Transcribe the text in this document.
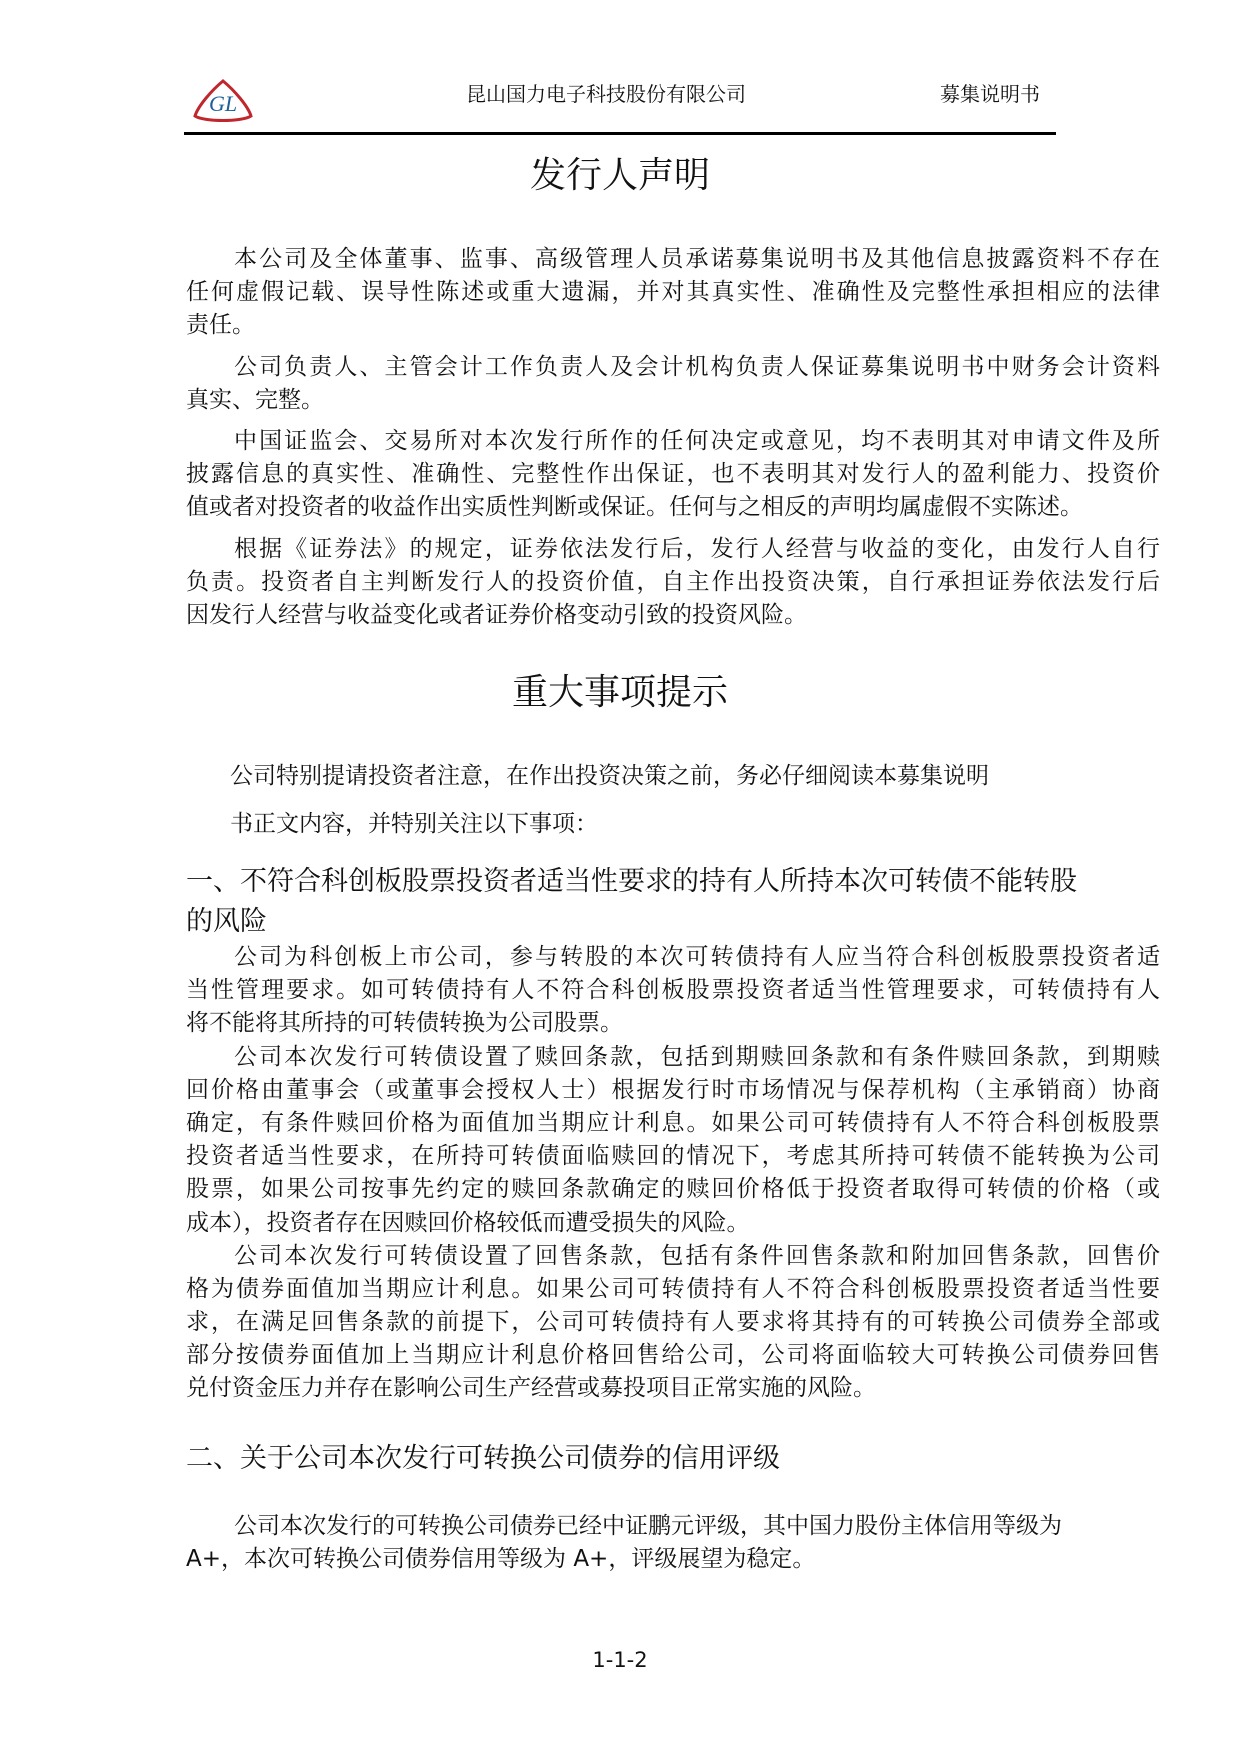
GL	昆山国力电子科技股份有限公司	募集说明书
发行人声明
本公司及全体董事、监事、高级管理人员承诺募集说明书及其他信息披露资料不存在
任何虚假记载、误导性陈述或重大遗漏，并对其真实性、准确性及完整性承担相应的法律
责任。
公司负责人、主管会计工作负责人及会计机构负责人保证募集说明书中财务会计资料
真实、完整。
中国证监会、交易所对本次发行所作的任何决定或意见，均不表明其对申请文件及所
披露信息的真实性、准确性、完整性作出保证，也不表明其对发行人的盈利能力、投资价
值或者对投资者的收益作出实质性判断或保证。任何与之相反的声明均属虚假不实陈述。
根据《证券法》的规定，证券依法发行后，发行人经营与收益的变化，由发行人自行
负责。投资者自主判断发行人的投资价值，自主作出投资决策，自行承担证券依法发行后
因发行人经营与收益变化或者证券价格变动引致的投资风险。
重大事项提示
公司特别提请投资者注意，在作出投资决策之前，务必仔细阅读本募集说明
书正文内容，并特别关注以下事项：
一、不符合科创板股票投资者适当性要求的持有人所持本次可转债不能转股
的风险
公司为科创板上市公司，参与转股的本次可转债持有人应当符合科创板股票投资者适
当性管理要求。如可转债持有人不符合科创板股票投资者适当性管理要求，可转债持有人
将不能将其所持的可转债转换为公司股票。
公司本次发行可转债设置了赎回条款，包括到期赎回条款和有条件赎回条款，到期赎
回价格由董事会（或董事会授权人士）根据发行时市场情况与保荐机构（主承销商）协商
确定，有条件赎回价格为面值加当期应计利息。如果公司可转债持有人不符合科创板股票
投资者适当性要求，在所持可转债面临赎回的情况下，考虑其所持可转债不能转换为公司
股票，如果公司按事先约定的赎回条款确定的赎回价格低于投资者取得可转债的价格（或
成本），投资者存在因赎回价格较低而遭受损失的风险。
公司本次发行可转债设置了回售条款，包括有条件回售条款和附加回售条款，回售价
格为债券面值加当期应计利息。如果公司可转债持有人不符合科创板股票投资者适当性要
求，在满足回售条款的前提下，公司可转债持有人要求将其持有的可转换公司债券全部或
部分按债券面值加上当期应计利息价格回售给公司，公司将面临较大可转换公司债券回售
兑付资金压力并存在影响公司生产经营或募投项目正常实施的风险。
二、关于公司本次发行可转换公司债券的信用评级
公司本次发行的可转换公司债券已经中证鹏元评级，其中国力股份主体信用等级为
A+，本次可转换公司债券信用等级为 A+，评级展望为稳定。
1-1-2
